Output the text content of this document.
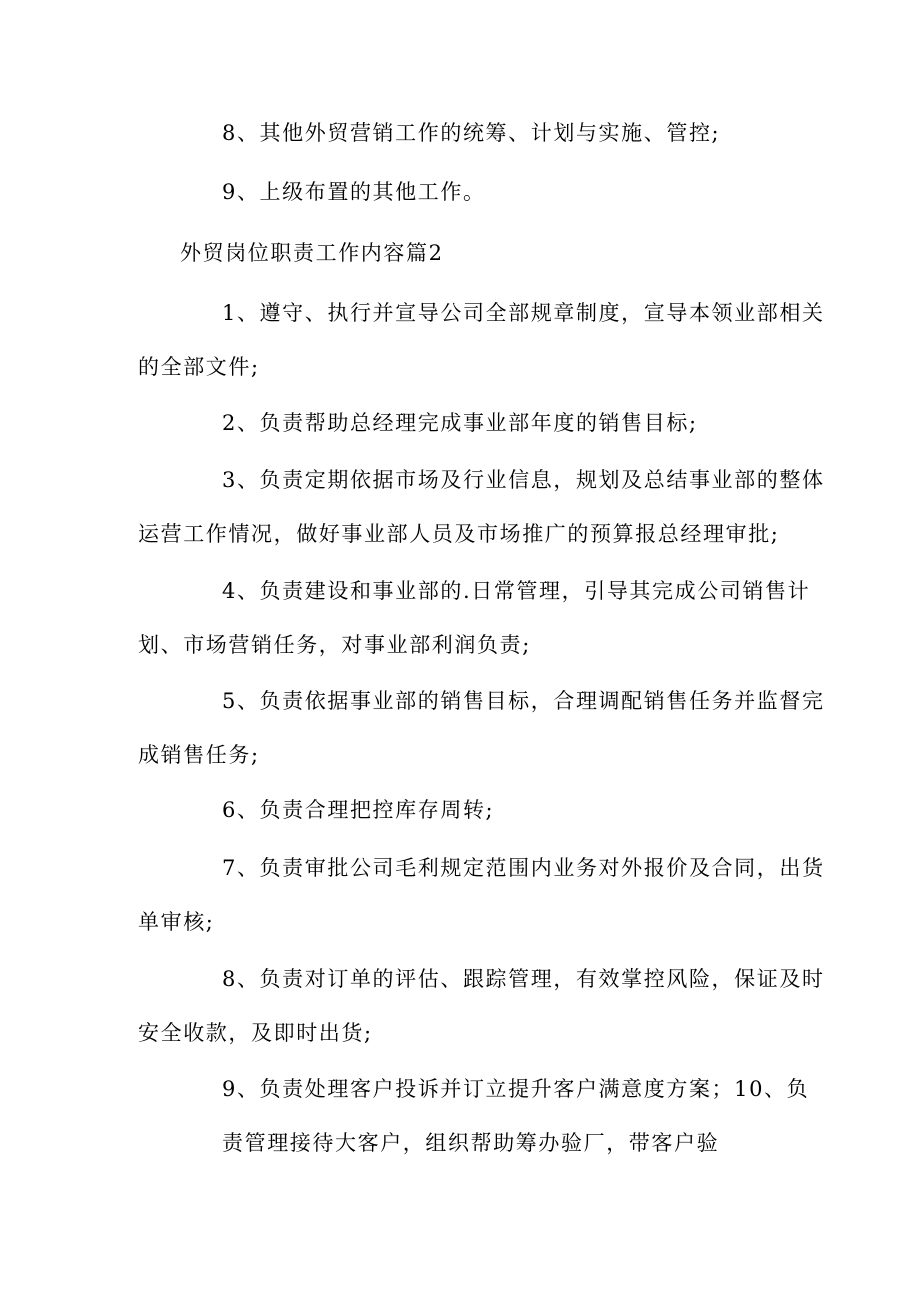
8、其他外贸营销工作的统筹、计划与实施、管控;
9、上级布置的其他工作。
外贸岗位职责工作内容篇2
1、遵守、执行并宣导公司全部规章制度，宣导本领业部相关
的全部文件;
2、负责帮助总经理完成事业部年度的销售目标;
3、负责定期依据市场及行业信息，规划及总结事业部的整体
运营工作情况，做好事业部人员及市场推广的预算报总经理审批;
4、负责建设和事业部的.日常管理，引导其完成公司销售计
划、市场营销任务，对事业部利润负责;
5、负责依据事业部的销售目标，合理调配销售任务并监督完
成销售任务;
6、负责合理把控库存周转;
7、负责审批公司毛利规定范围内业务对外报价及合同，出货
单审核;
8、负责对订单的评估、跟踪管理，有效掌控风险，保证及时
安全收款，及即时出货;
9、负责处理客户投诉并订立提升客户满意度方案；10、负
责管理接待大客户，组织帮助筹办验厂，带客户验
